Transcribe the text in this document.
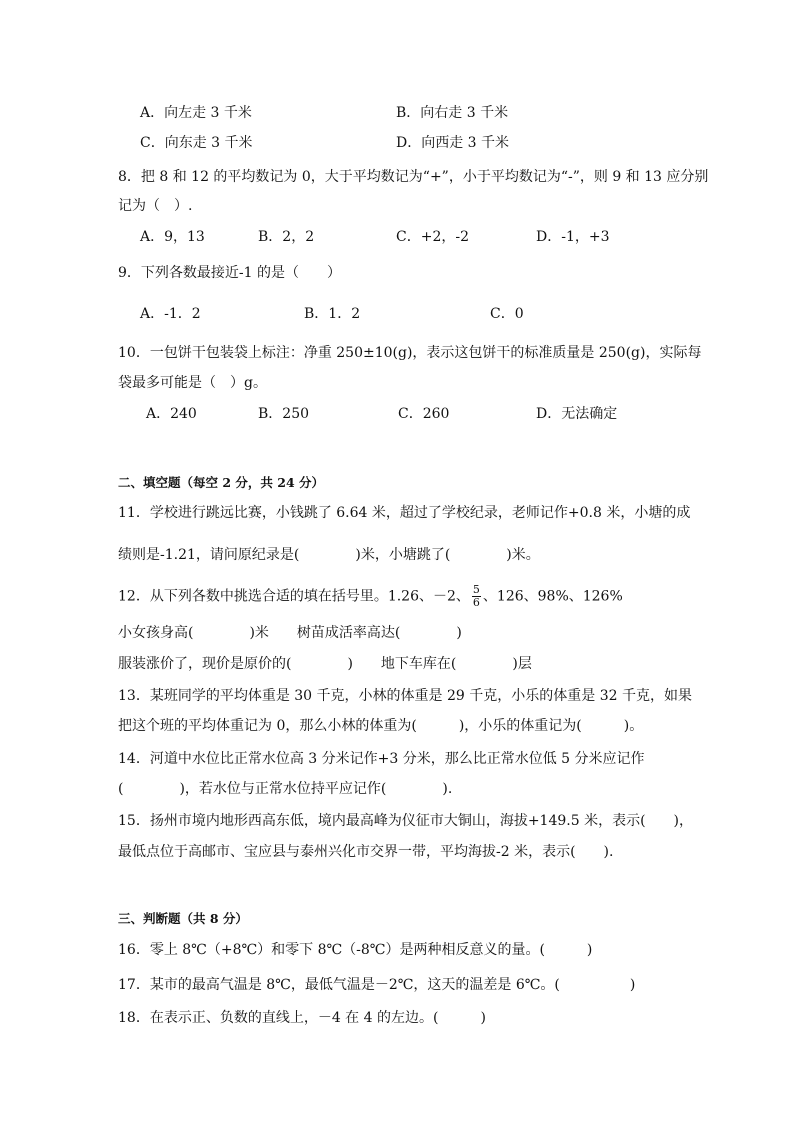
A．向左走 3 千米	B．向右走 3 千米
C．向东走 3 千米	D．向西走 3 千米
8．把 8 和 12 的平均数记为 0，大于平均数记为“+”，小于平均数记为“-”，则 9 和 13 应分别
记为（　）.
A．9，13	B．2，2	C．+2，-2	D．-1，+3
9．下列各数最接近-1 的是（　　）
A．-1．2	B．1．2	C．0
10．一包饼干包装袋上标注：净重 250±10(g)，表示这包饼干的标准质量是 250(g)，实际每
袋最多可能是（　）g。
A．240	B．250	C．260	D．无法确定
二、填空题（每空 2 分，共 24 分）
11．学校进行跳远比赛，小钱跳了 6.64 米，超过了学校纪录，老师记作+0.8 米，小塘的成
绩则是-1.21，请问原纪录是(　　　　)米，小塘跳了(　　　　)米。
12．从下列各数中挑选合适的填在括号里。1.26、－2、 $\frac{5}{6}$ 、126、98%、126%
小女孩身高(　　　　)米　　树苗成活率高达(　　　　)
服装涨价了，现价是原价的(　　　　)　　地下车库在(　　　　)层
13．某班同学的平均体重是 30 千克，小林的体重是 29 千克，小乐的体重是 32 千克，如果
把这个班的平均体重记为 0，那么小林的体重为(　　　)，小乐的体重记为(　　　)。
14．河道中水位比正常水位高 3 分米记作+3 分米，那么比正常水位低 5 分米应记作
(　　　　)，若水位与正常水位持平应记作(　　　　).
15．扬州市境内地形西高东低，境内最高峰为仪征市大铜山，海拔+149.5 米，表示(　　)，
最低点位于高邮市、宝应县与泰州兴化市交界一带，平均海拔-2 米，表示(　　).
三、判断题（共 8 分）
16．零上 8℃（+8℃）和零下 8℃（-8℃）是两种相反意义的量。(　　　)
17．某市的最高气温是 8℃，最低气温是－2℃，这天的温差是 6℃。(　　　　　)
18．在表示正、负数的直线上，－4 在 4 的左边。(　　　)
